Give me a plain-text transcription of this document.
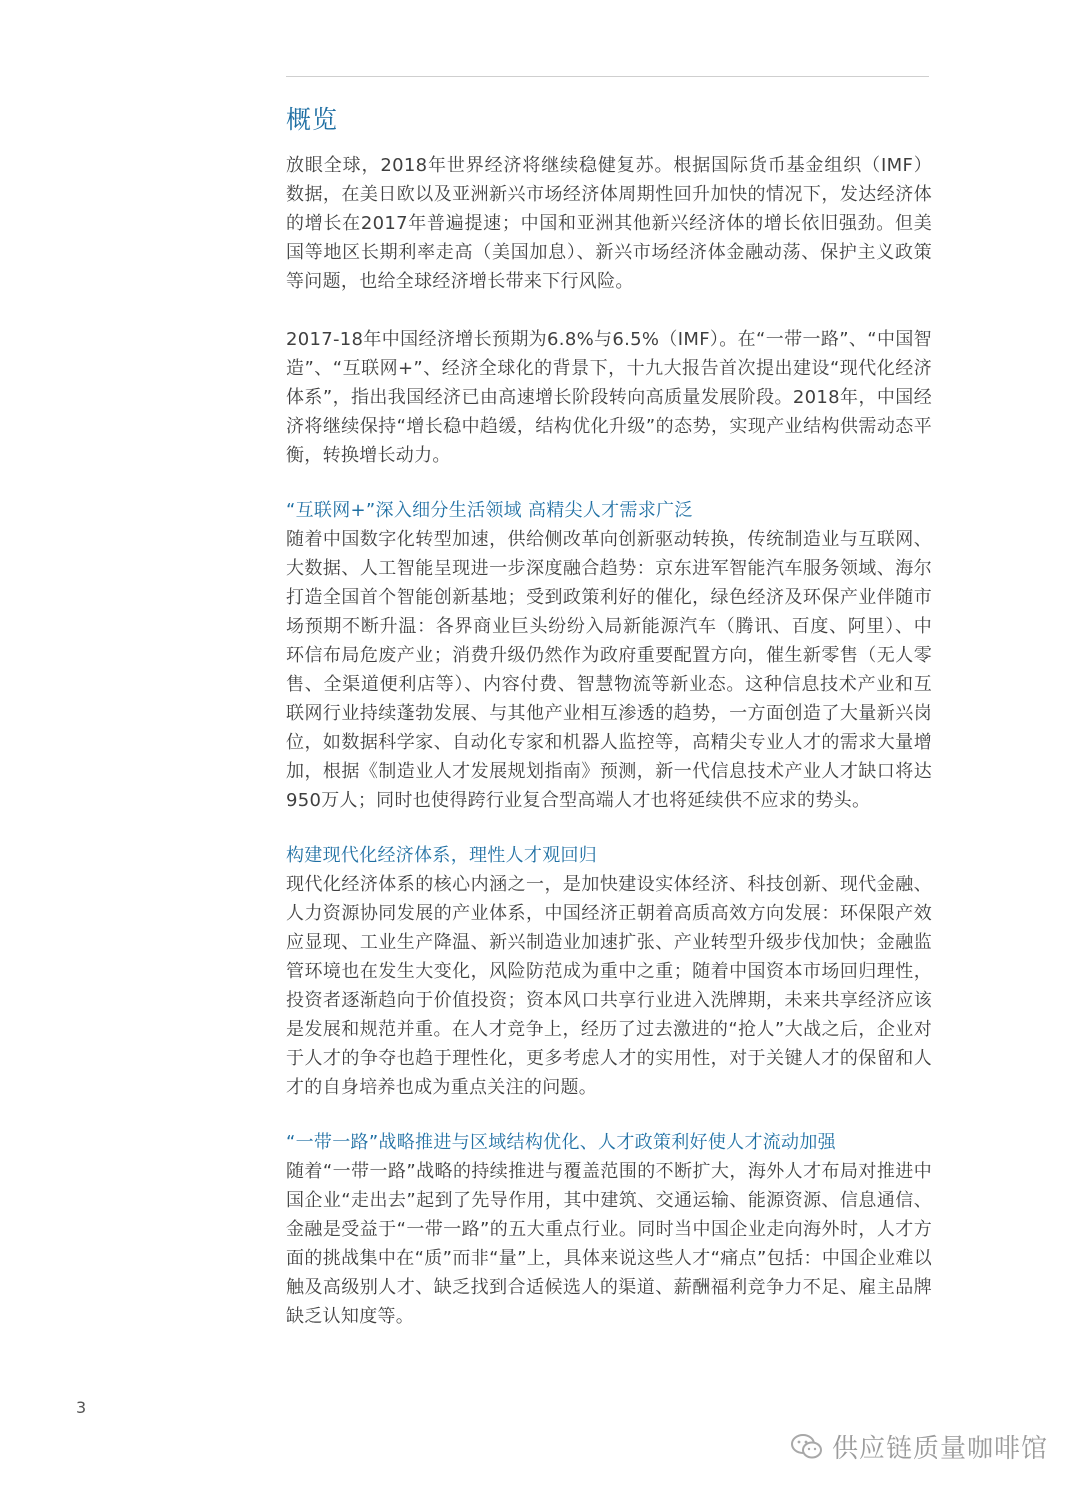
概览

放眼全球，2018年世界经济将继续稳健复苏。根据国际货币基金组织（IMF）数据，在美日欧以及亚洲新兴市场经济体周期性回升加快的情况下，发达经济体的增长在2017年普遍提速；中国和亚洲其他新兴经济体的增长依旧强劲。但美国等地区长期利率走高（美国加息）、新兴市场经济体金融动荡、保护主义政策等问题，也给全球经济增长带来下行风险。

2017-18年中国经济增长预期为6.8%与6.5%（IMF）。在“一带一路”、“中国智造”、“互联网+”、经济全球化的背景下，十九大报告首次提出建设“现代化经济体系”，指出我国经济已由高速增长阶段转向高质量发展阶段。2018年，中国经济将继续保持“增长稳中趋缓，结构优化升级”的态势，实现产业结构供需动态平衡，转换增长动力。

“互联网+”深入细分生活领域 高精尖人才需求广泛

随着中国数字化转型加速，供给侧改革向创新驱动转换，传统制造业与互联网、大数据、人工智能呈现进一步深度融合趋势：京东进军智能汽车服务领域、海尔打造全国首个智能创新基地；受到政策利好的催化，绿色经济及环保产业伴随市场预期不断升温：各界商业巨头纷纷入局新能源汽车（腾讯、百度、阿里）、中环信布局危废产业；消费升级仍然作为政府重要配置方向，催生新零售（无人零售、全渠道便利店等）、内容付费、智慧物流等新业态。这种信息技术产业和互联网行业持续蓬勃发展、与其他产业相互渗透的趋势，一方面创造了大量新兴岗位，如数据科学家、自动化专家和机器人监控等，高精尖专业人才的需求大量增加，根据《制造业人才发展规划指南》预测，新一代信息技术产业人才缺口将达950万人；同时也使得跨行业复合型高端人才也将延续供不应求的势头。

构建现代化经济体系，理性人才观回归

现代化经济体系的核心内涵之一，是加快建设实体经济、科技创新、现代金融、人力资源协同发展的产业体系，中国经济正朝着高质高效方向发展：环保限产效应显现、工业生产降温、新兴制造业加速扩张、产业转型升级步伐加快；金融监管环境也在发生大变化，风险防范成为重中之重；随着中国资本市场回归理性，投资者逐渐趋向于价值投资；资本风口共享行业进入洗牌期，未来共享经济应该是发展和规范并重。在人才竞争上，经历了过去激进的“抢人”大战之后，企业对于人才的争夺也趋于理性化，更多考虑人才的实用性，对于关键人才的保留和人才的自身培养也成为重点关注的问题。

“一带一路”战略推进与区域结构优化、人才政策利好使人才流动加强

随着“一带一路”战略的持续推进与覆盖范围的不断扩大，海外人才布局对推进中国企业“走出去”起到了先导作用，其中建筑、交通运输、能源资源、信息通信、金融是受益于“一带一路”的五大重点行业。同时当中国企业走向海外时，人才方面的挑战集中在“质”而非“量”上，具体来说这些人才“痛点”包括：中国企业难以触及高级别人才、缺乏找到合适候选人的渠道、薪酬福利竞争力不足、雇主品牌缺乏认知度等。

3
供应链质量咖啡馆
